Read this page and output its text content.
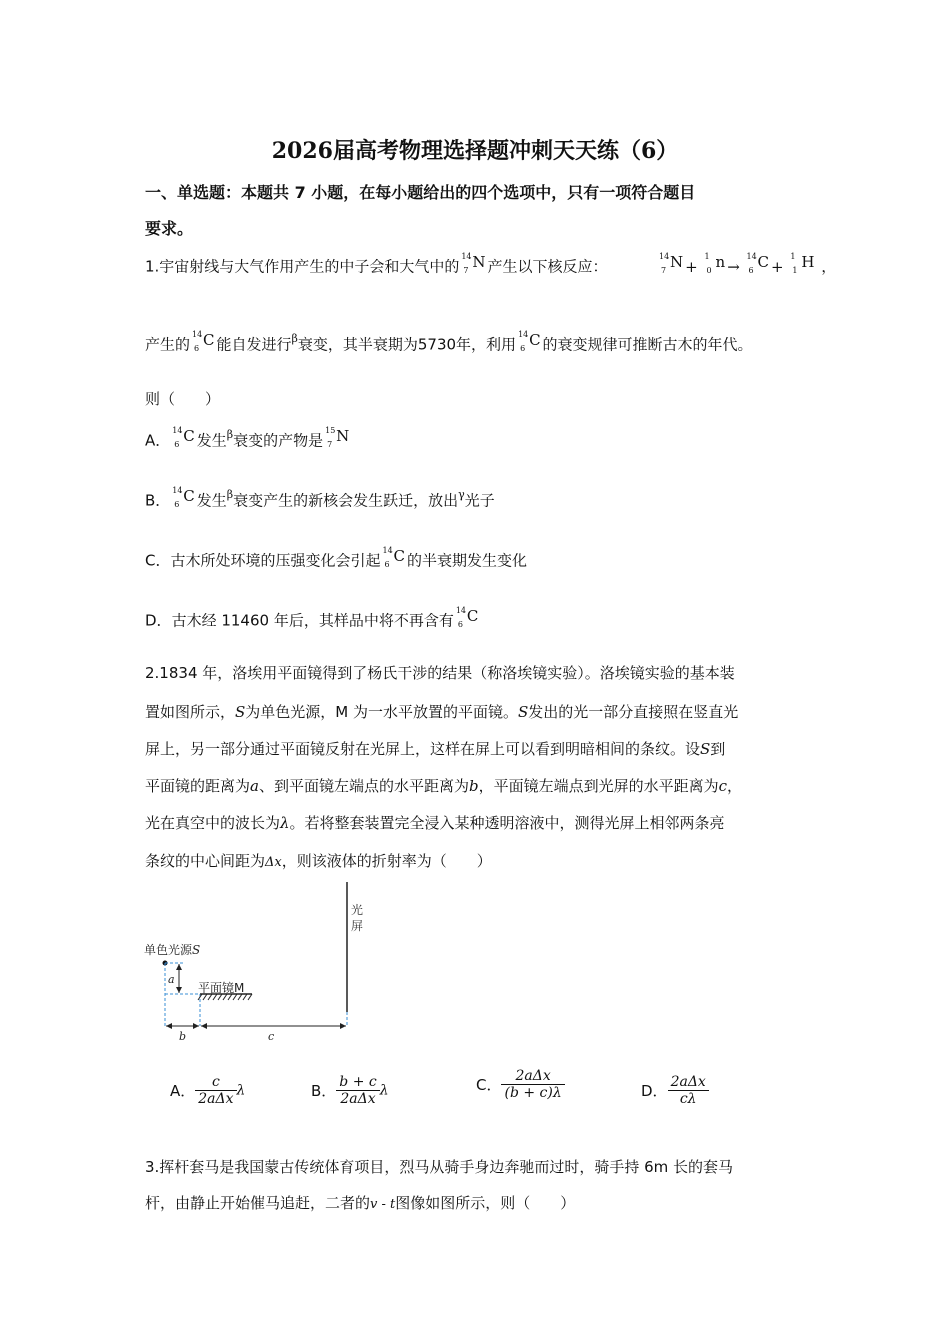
2026届高考物理选择题冲刺天天练（6）
一、单选题：本题共 7 小题，在每小题给出的四个选项中，只有一项符合题目
要求。
1.宇宙射线与大气作用产生的中子会和大气中的
14
7 N 产生以下核反应：
14
7 N +
1
0 n →
14
6 C +
1
1 H ，
产生的
14
6 C 能自发进行$^\beta$衰变，其半衰期为5730年，利用
14
6 C 的衰变规律可推断古木的年代。
则（　　）
A．
14
6 C 发生$^\beta$衰变的产物是
15
7 N
B．
14
6 C 发生$^\beta$衰变产生的新核会发生跃迁，放出$^\gamma$光子
C．古木所处环境的压强变化会引起
14
6 C 的半衰期发生变化
D．古木经 11460 年后，其样品中将不再含有
14
6 C
2.1834 年，洛埃用平面镜得到了杨氏干涉的结果（称洛埃镜实验）。洛埃镜实验的基本装
置如图所示，S为单色光源，M 为一水平放置的平面镜。S发出的光一部分直接照在竖直光
屏上，另一部分通过平面镜反射在光屏上，这样在屏上可以看到明暗相间的条纹。设S到
平面镜的距离为a、到平面镜左端点的水平距离为b，平面镜左端点到光屏的水平距离为c，
光在真空中的波长为λ。若将整套装置完全浸入某种透明溶液中，测得光屏上相邻两条亮
条纹的中心间距为Δx，则该液体的折射率为（　　）
光
屏
单色光源S
a
平面镜M
b	c
A． $\frac{c}{\text{2aΔx}}$ λ	B． $\frac{b + c}{\text{2aΔx}}$ λ	C． $\frac{\text{2aΔx}}{(b + c)\lambda}$	D． $\frac{\text{2aΔx}}{c\lambda}$
3.挥杆套马是我国蒙古传统体育项目，烈马从骑手身边奔驰而过时，骑手持 6m 长的套马
杆，由静止开始催马追赶，二者的v - t图像如图所示，则（　　）
